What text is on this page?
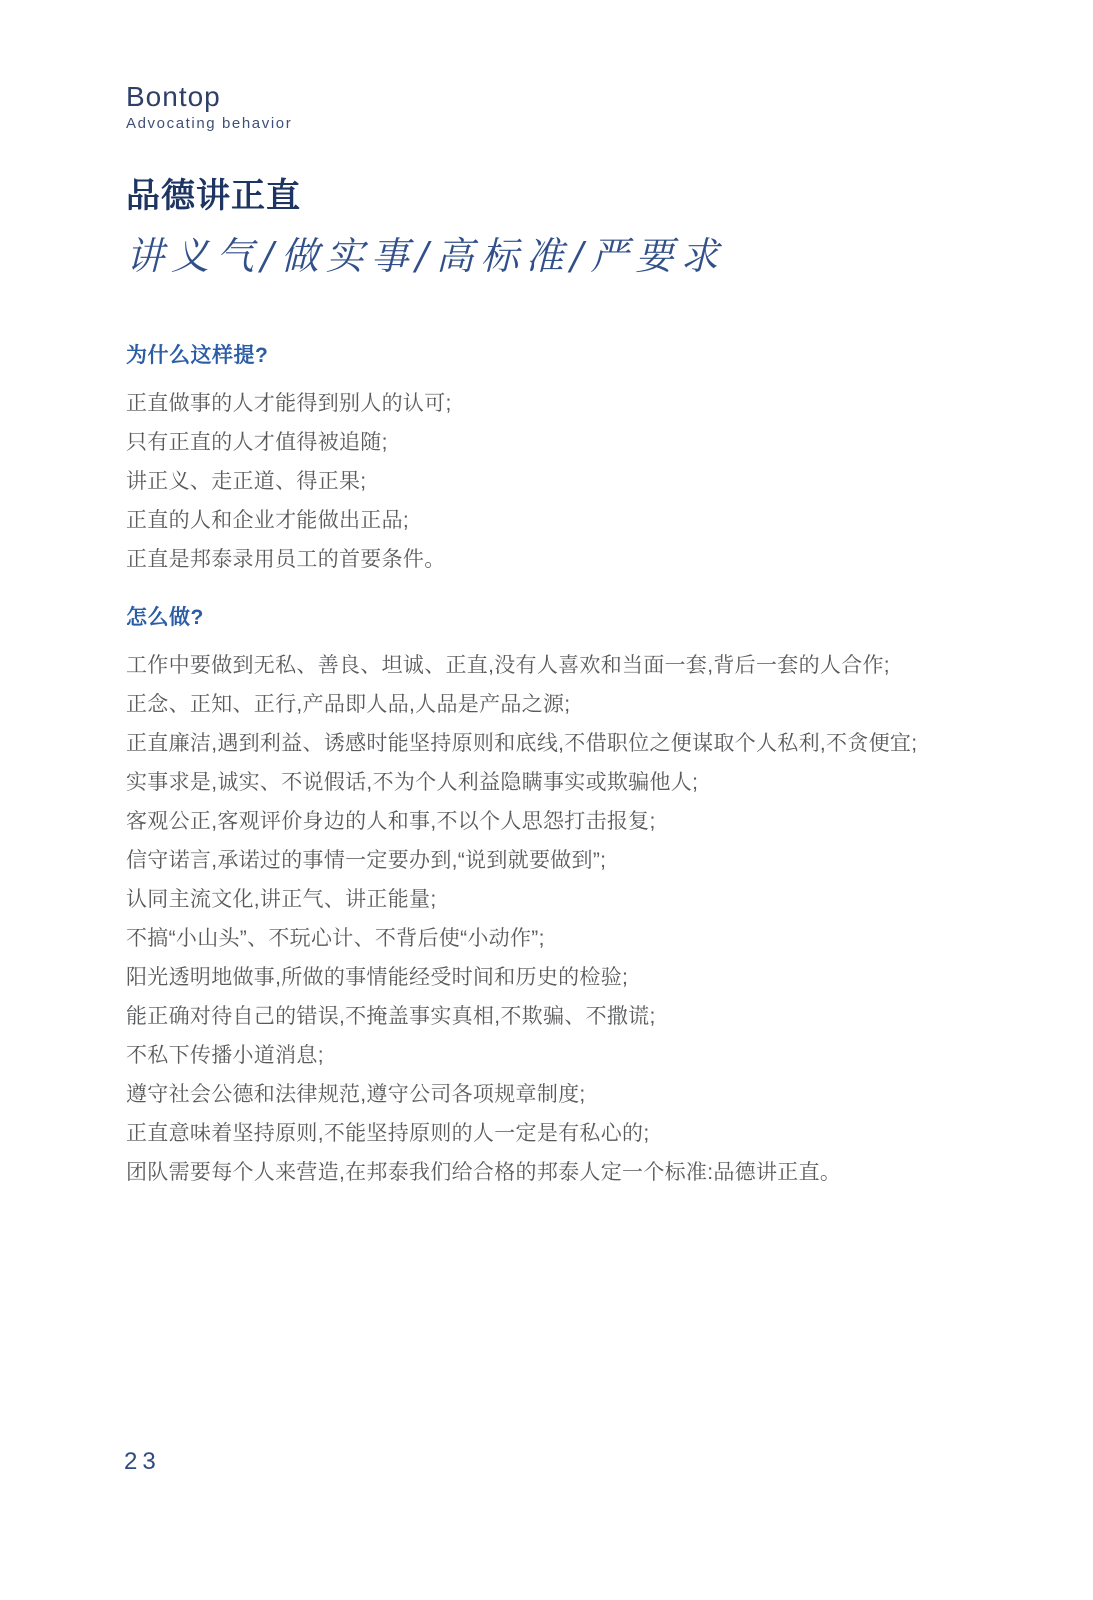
Bontop
Advocating behavior
品德讲正直
讲义气/做实事/高标准/严要求
为什么这样提?

正直做事的人才能得到别人的认可;

只有正直的人才值得被追随;

讲正义、走正道、得正果;

正直的人和企业才能做出正品;

正直是邦泰录用员工的首要条件。

怎么做?

工作中要做到无私、善良、坦诚、正直,没有人喜欢和当面一套,背后一套的人合作;

正念、正知、正行,产品即人品,人品是产品之源;

正直廉洁,遇到利益、诱感时能坚持原则和底线,不借职位之便谋取个人私利,不贪便宜;

实事求是,诚实、不说假话,不为个人利益隐瞒事实或欺骗他人;

客观公正,客观评价身边的人和事,不以个人思怨打击报复;

信守诺言,承诺过的事情一定要办到,“说到就要做到”;

认同主流文化,讲正气、讲正能量;

不搞“小山头”、不玩心计、不背后使“小动作”;

阳光透明地做事,所做的事情能经受时间和历史的检验;

能正确对待自己的错误,不掩盖事实真相,不欺骗、不撒谎;

不私下传播小道消息;

遵守社会公德和法律规范,遵守公司各项规章制度;

正直意味着坚持原则,不能坚持原则的人一定是有私心的;

团队需要每个人来营造,在邦泰我们给合格的邦泰人定一个标准:品德讲正直。

23
